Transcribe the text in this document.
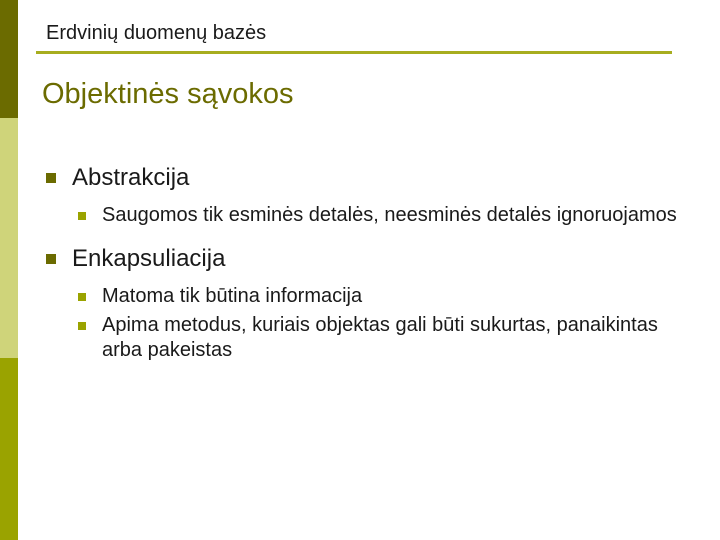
Erdvinių duomenų bazės
Objektinės sąvokos
Abstrakcija
Saugomos tik esminės detalės, neesminės detalės ignoruojamos
Enkapsuliacija
Matoma tik būtina informacija
Apima metodus, kuriais objektas gali būti sukurtas, panaikintas arba pakeistas
